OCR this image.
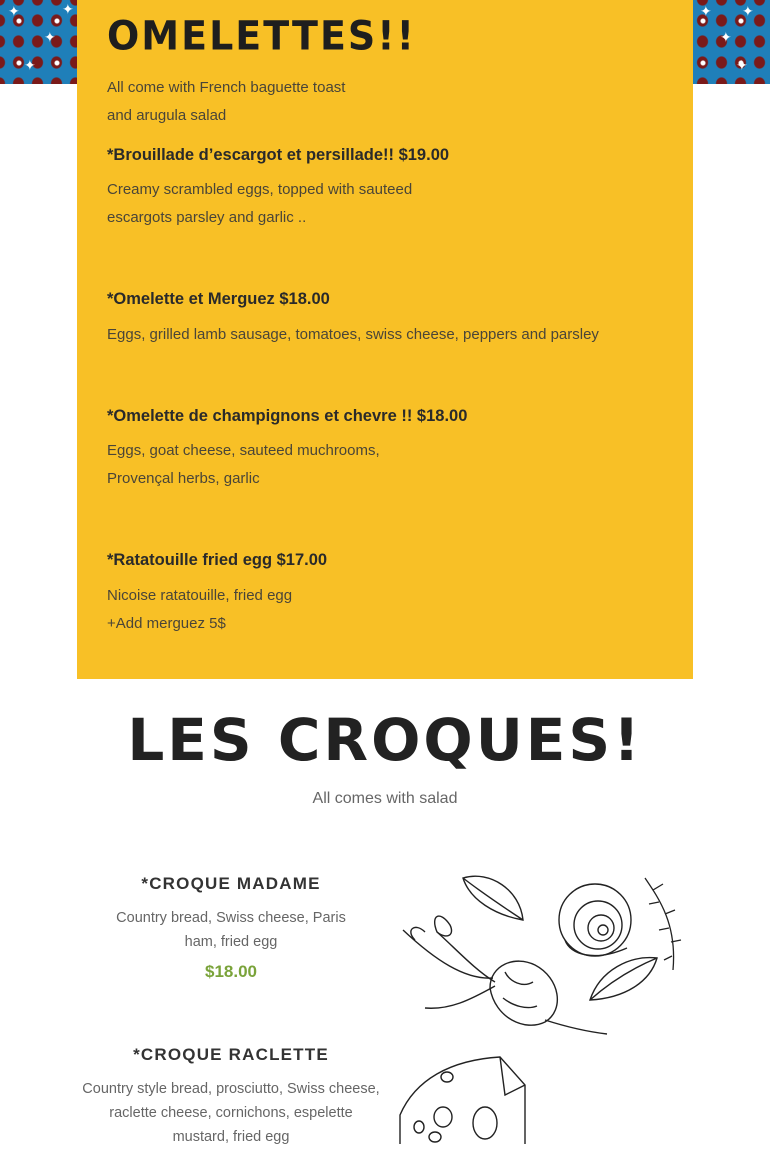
✦
✦
✦
✦
✦
✦
✦
✦
OMELETTES!!
All come with French baguette toast
and arugula salad
*Brouillade d’escargot et persillade!! $19.00
Creamy scrambled eggs, topped with sauteed
escargots parsley and garlic ..
*Omelette et Merguez $18.00
Eggs, grilled lamb sausage, tomatoes, swiss cheese, peppers and parsley
*Omelette de champignons et chevre !! $18.00
Eggs, goat cheese, sauteed muchrooms,
Provençal herbs, garlic
*Ratatouille fried egg $17.00
Nicoise ratatouille, fried egg
+Add merguez 5$
LES CROQUES!
All comes with salad
*CROQUE MADAME
Country bread, Swiss cheese, Paris
ham, fried egg
$18.00
*CROQUE RACLETTE
Country style bread, prosciutto, Swiss cheese,
raclette cheese, cornichons, espelette
mustard, fried egg
